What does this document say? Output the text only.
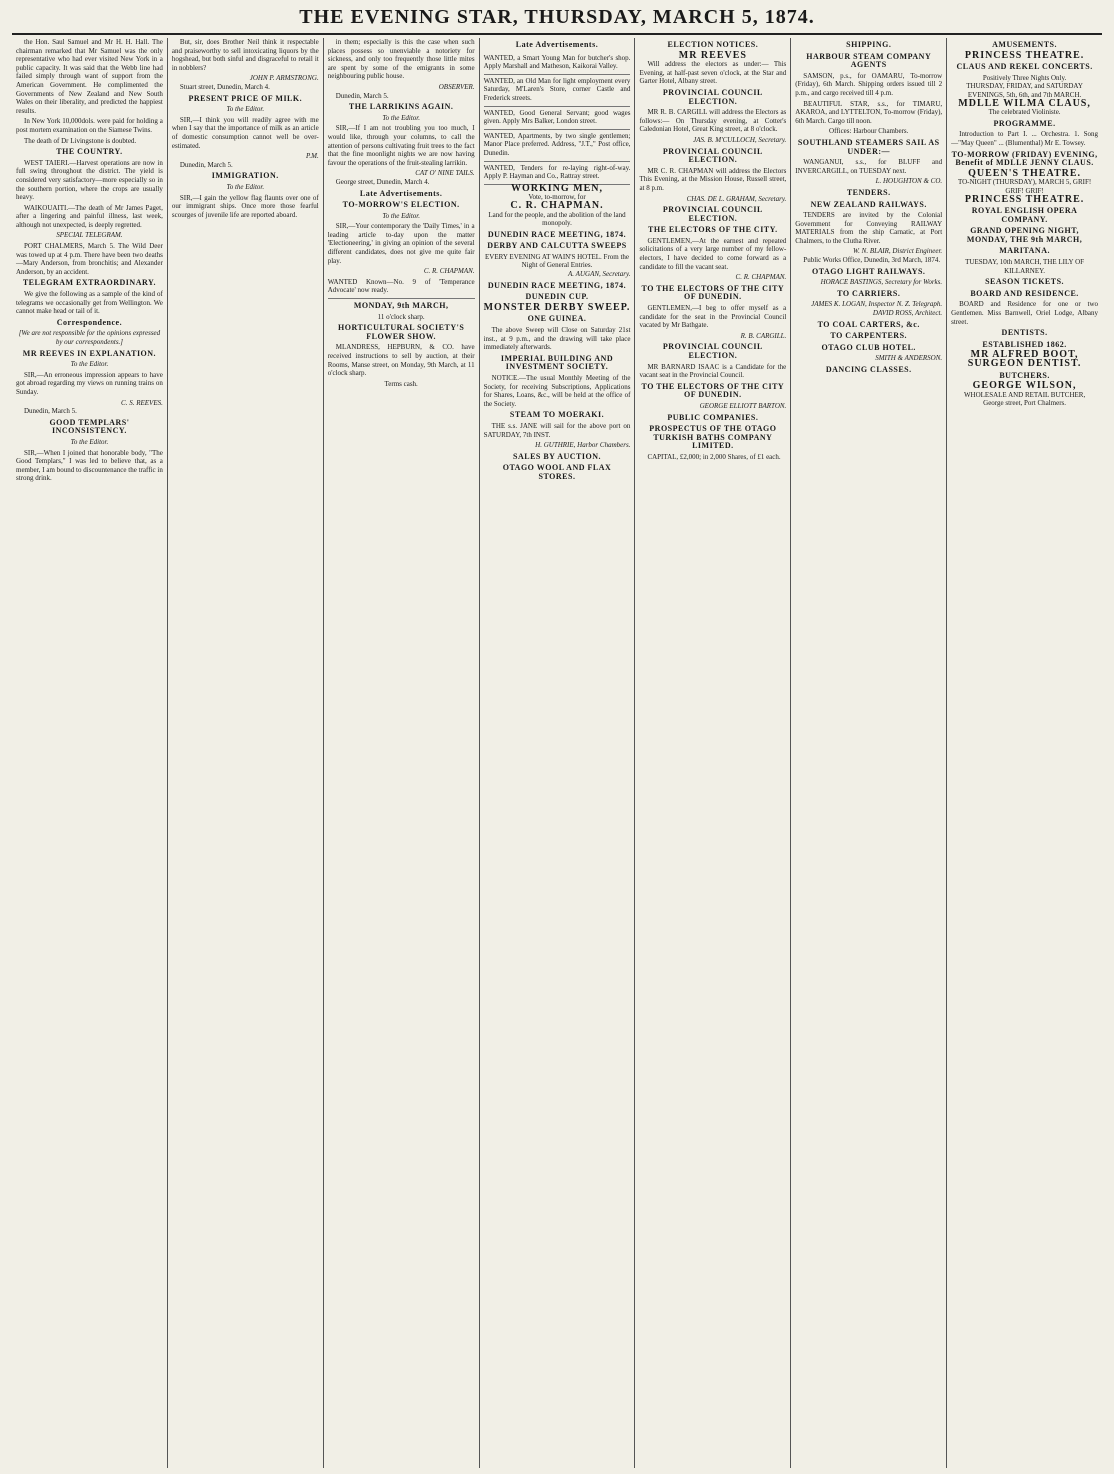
THE EVENING STAR, THURSDAY, MARCH 5, 1874.

the Hon. Saul Samuel and Mr H. H. Hall. The chairman remarked that Mr Samuel was the only representative who had ever visited New York in a public capacity. It was said that the Webb line had failed simply through want of support from the American Government. He complimented the Governments of New Zealand and New South Wales on their liberality, and predicted the happiest results.

In New York 10,000dols. were paid for holding a post mortem examination on the Siamese Twins.

The death of Dr Livingstone is doubted.

THE COUNTRY.

WEST TAIERI.—Harvest operations are now in full swing throughout the district. The yield is considered very satisfactory—more especially so in the southern portion, where the crops are usually heavy.

WAIKOUAITI.—The death of Mr James Paget, after a lingering and painful illness, last week, although not unexpected, is deeply regretted.

SPECIAL TELEGRAM.

PORT CHALMERS, March 5. The Wild Deer was towed up at 4 p.m. There have been two deaths—Mary Anderson, from bronchitis; and Alexander Anderson, by an accident.

TELEGRAM EXTRAORDINARY.

We give the following as a sample of the kind of telegrams we occasionally get from Wellington. We cannot make head or tail of it.

Correspondence.
[We are not responsible for the opinions expressed by our correspondents.]
MR REEVES IN EXPLANATION.
To the Editor.

SIR,—An erroneous impression appears to have got abroad regarding my views on running trains on Sunday.

C. S. REEVES.

Dunedin, March 5.

GOOD TEMPLARS' INCONSISTENCY.
To the Editor.

SIR,—When I joined that honorable body, "The Good Templars," I was led to believe that, as a member, I am bound to discountenance the traffic in strong drink.

But, sir, does Brother Neil think it respectable and praiseworthy to sell intoxicating liquors by the hogshead, but both sinful and disgraceful to retail it in nobblers?

JOHN P. ARMSTRONG.

Stuart street, Dunedin, March 4.

PRESENT PRICE OF MILK.
To the Editor.

SIR,—I think you will readily agree with me when I say that the importance of milk as an article of domestic consumption cannot well be over-estimated.

P.M.

Dunedin, March 5.

IMMIGRATION.
To the Editor.

SIR,—I gain the yellow flag flaunts over one of our immigrant ships. Once more those fearful scourges of juvenile life are reported aboard.

in them; especially is this the case when such places possess so unenviable a notoriety for sickness, and only too frequently those little mites are spent by some of the emigrants in some neighbouring public house.

OBSERVER.

Dunedin, March 5.

THE LARRIKINS AGAIN.
To the Editor.

SIR,—If I am not troubling you too much, I would like, through your columns, to call the attention of persons cultivating fruit trees to the fact that the fine moonlight nights we are now having favour the operations of the fruit-stealing larrikin.

CAT O' NINE TAILS.

George street, Dunedin, March 4.

Late Advertisements.
TO-MORROW'S ELECTION.
To the Editor.

SIR,—Your contemporary the 'Daily Times,' in a leading article to-day upon the matter 'Electioneering,' in giving an opinion of the several different candidates, does not give me quite fair play.

C. R. CHAPMAN.
WANTED Known—No. 9 of 'Temperance Advocate' now ready.
MONDAY, 9th MARCH,
11 o'clock sharp.
HORTICULTURAL SOCIETY'S FLOWER SHOW.

MLANDRESS, HEPBURN, & CO. have received instructions to sell by auction, at their Rooms, Manse street, on Monday, 9th March, at 11 o'clock sharp.

Terms cash.
Late Advertisements.
WANTED, a Smart Young Man for butcher's shop. Apply Marshall and Matheson, Kaikorai Valley.
WANTED, an Old Man for light employment every Saturday, M'Laren's Store, corner Castle and Frederick streets.
WANTED, Good General Servant; good wages given. Apply Mrs Balker, London street.
WANTED, Apartments, by two single gentlemen; Manor Place preferred. Address, "J.T.," Post office, Dunedin.
WANTED, Tenders for re-laying right-of-way. Apply P. Hayman and Co., Rattray street.
WORKING MEN,
Vote, to-morrow, for
C. R. CHAPMAN.
Land for the people, and the abolition of the land monopoly.
DUNEDIN RACE MEETING, 1874.
DERBY AND CALCUTTA SWEEPS
EVERY EVENING AT WAIN'S HOTEL. From the Night of General Entries.
A. AUGAN, Secretary.
DUNEDIN RACE MEETING, 1874.
DUNEDIN CUP.
MONSTER DERBY SWEEP.
ONE GUINEA.

The above Sweep will Close on Saturday 21st inst., at 9 p.m., and the drawing will take place immediately afterwards.

IMPERIAL BUILDING AND INVESTMENT SOCIETY.

NOTICE.—The usual Monthly Meeting of the Society, for receiving Subscriptions, Applications for Shares, Loans, &c., will be held at the office of the Society.

STEAM TO MOERAKI.

THE s.s. JANE will sail for the above port on SATURDAY, 7th INST.

H. GUTHRIE, Harbor Chambers.
SALES BY AUCTION.
OTAGO WOOL AND FLAX STORES.
ELECTION NOTICES.
MR REEVES

Will address the electors as under:— This Evening, at half-past seven o'clock, at the Star and Garter Hotel, Albany street.

PROVINCIAL COUNCIL ELECTION.

MR R. B. CARGILL will address the Electors as follows:— On Thursday evening, at Cotter's Caledonian Hotel, Great King street, at 8 o'clock.

JAS. B. M'CULLOCH, Secretary.
PROVINCIAL COUNCIL ELECTION.

MR C. R. CHAPMAN will address the Electors This Evening, at the Mission House, Russell street, at 8 p.m.

CHAS. DE L. GRAHAM, Secretary.
PROVINCIAL COUNCIL ELECTION.
THE ELECTORS OF THE CITY.

GENTLEMEN,—At the earnest and repeated solicitations of a very large number of my fellow-electors, I have decided to come forward as a candidate to fill the vacant seat.

C. R. CHAPMAN.
TO THE ELECTORS OF THE CITY OF DUNEDIN.

GENTLEMEN,—I beg to offer myself as a candidate for the seat in the Provincial Council vacated by Mr Bathgate.

R. B. CARGILL.
PROVINCIAL COUNCIL ELECTION.

MR BARNARD ISAAC is a Candidate for the vacant seat in the Provincial Council.

TO THE ELECTORS OF THE CITY OF DUNEDIN.
GEORGE ELLIOTT BARTON.
PUBLIC COMPANIES.
PROSPECTUS OF THE OTAGO TURKISH BATHS COMPANY LIMITED.

CAPITAL, £2,000; in 2,000 Shares, of £1 each.

SHIPPING.
HARBOUR STEAM COMPANY AGENTS

SAMSON, p.s., for OAMARU, To-morrow (Friday), 6th March. Shipping orders issued till 2 p.m., and cargo received till 4 p.m.

BEAUTIFUL STAR, s.s., for TIMARU, AKAROA, and LYTTELTON, To-morrow (Friday), 6th March. Cargo till noon.

Offices: Harbour Chambers.
SOUTHLAND STEAMERS SAIL AS UNDER:—

WANGANUI, s.s., for BLUFF and INVERCARGILL, on TUESDAY next.

L. HOUGHTON & CO.
TENDERS.
NEW ZEALAND RAILWAYS.

TENDERS are invited by the Colonial Government for Conveying RAILWAY MATERIALS from the ship Carnatic, at Port Chalmers, to the Clutha River.

W. N. BLAIR, District Engineer.

Public Works Office, Dunedin, 3rd March, 1874.

OTAGO LIGHT RAILWAYS.
HORACE BASTINGS, Secretary for Works.
TO CARRIERS.
JAMES K. LOGAN, Inspector N. Z. Telegraph.
DAVID ROSS, Architect.
TO COAL CARTERS, &c.
TO CARPENTERS.
OTAGO CLUB HOTEL.
SMITH & ANDERSON.
DANCING CLASSES.
AMUSEMENTS.
PRINCESS THEATRE.
CLAUS AND REKEL CONCERTS.
Positively Three Nights Only.
THURSDAY, FRIDAY, and SATURDAY EVENINGS, 5th, 6th, and 7th MARCH.
MDLLE WILMA CLAUS,
The celebrated Violiniste.
PROGRAMME.

Introduction to Part I. ... Orchestra. 1. Song—"May Queen" ... (Blumenthal) Mr E. Towsey.

TO-MORROW (FRIDAY) EVENING, Benefit of MDLLE JENNY CLAUS.
QUEEN'S THEATRE.
TO-NIGHT (THURSDAY), MARCH 5, GRIF! GRIF! GRIF!
PRINCESS THEATRE.
ROYAL ENGLISH OPERA COMPANY.
GRAND OPENING NIGHT, MONDAY, THE 9th MARCH,
MARITANA.
TUESDAY, 10th MARCH, THE LILY OF KILLARNEY.
SEASON TICKETS.
BOARD AND RESIDENCE.

BOARD and Residence for one or two Gentlemen. Miss Barnwell, Oriel Lodge, Albany street.

DENTISTS.
ESTABLISHED 1862.
MR ALFRED BOOT, SURGEON DENTIST.
BUTCHERS.
GEORGE WILSON,
WHOLESALE AND RETAIL BUTCHER,
George street, Port Chalmers.
